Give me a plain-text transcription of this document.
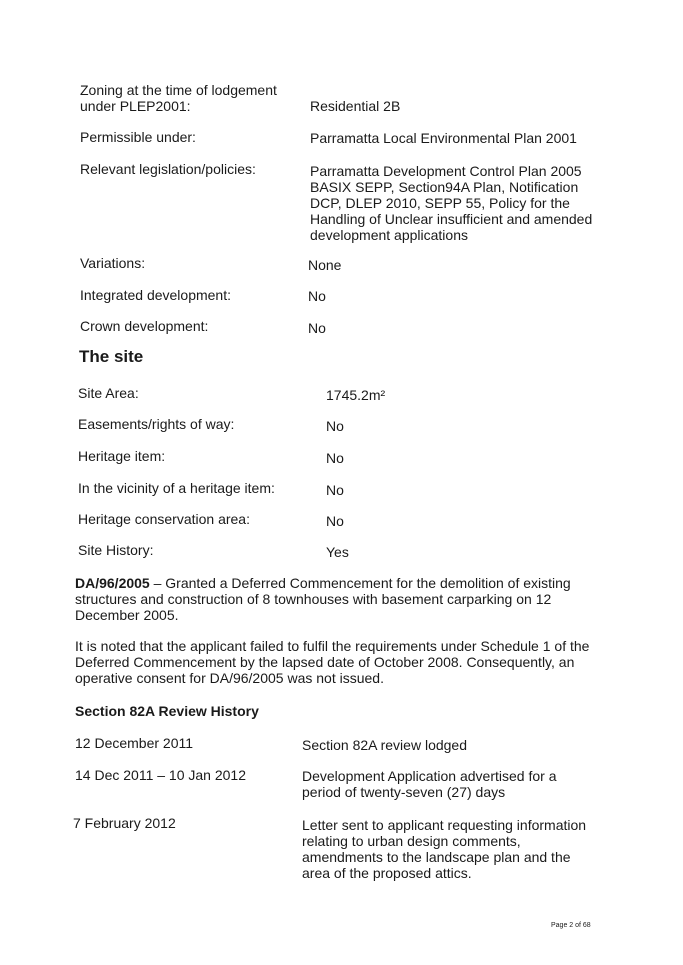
Zoning at the time of lodgement
under PLEP2001:	Residential 2B
Permissible under:	Parramatta Local Environmental Plan 2001
Relevant legislation/policies:	Parramatta Development Control Plan 2005
BASIX SEPP, Section94A Plan, Notification
DCP, DLEP 2010, SEPP 55, Policy for the
Handling of Unclear insufficient and amended
development applications
Variations:	None
Integrated development:	No
Crown development:	No
The site
Site Area:	1745.2m²
Easements/rights of way:	No
Heritage item:	No
In the vicinity of a heritage item:	No
Heritage conservation area:	No
Site History:	Yes
DA/96/2005 – Granted a Deferred Commencement for the demolition of existing
structures and construction of 8 townhouses with basement carparking on 12
December 2005.
It is noted that the applicant failed to fulfil the requirements under Schedule 1 of the
Deferred Commencement by the lapsed date of October 2008. Consequently, an
operative consent for DA/96/2005 was not issued.
Section 82A Review History
12 December 2011	Section 82A review lodged
14 Dec 2011 – 10 Jan 2012	Development Application advertised for a
period of twenty-seven (27) days
7 February 2012	Letter sent to applicant requesting information
relating to urban design comments,
amendments to the landscape plan and the
area of the proposed attics.
Page 2 of 68
